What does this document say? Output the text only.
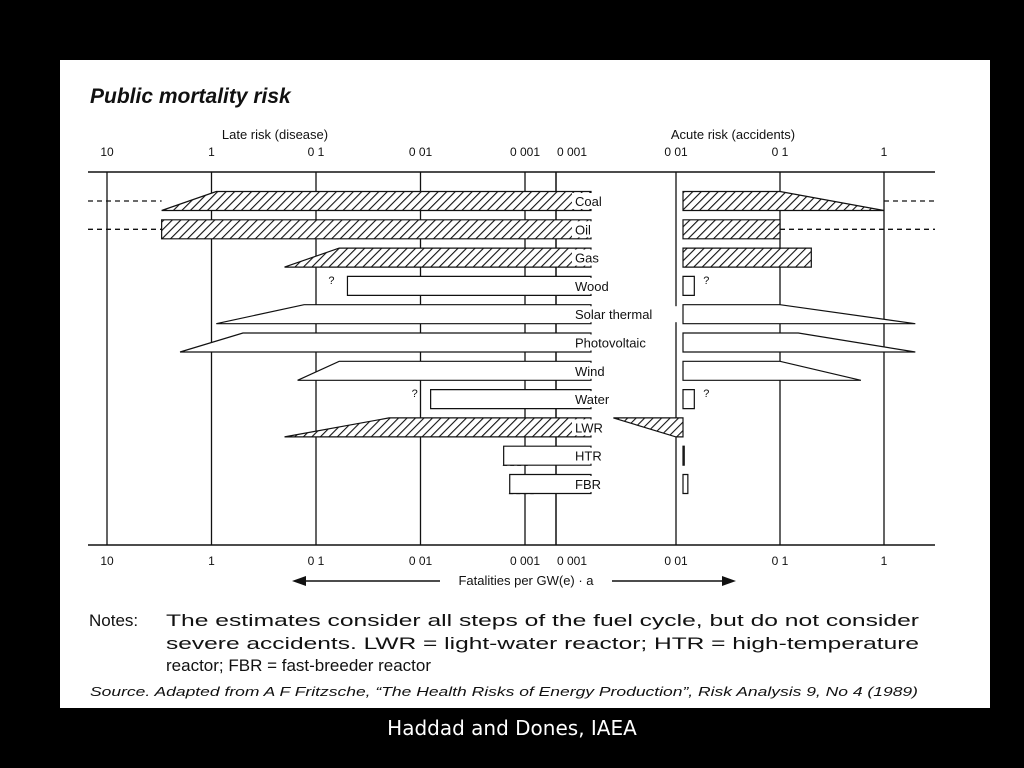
Public mortality risk
Late risk (disease)	Acute risk (accidents)
Coal
Oil
Gas
?	?
Wood
Solar thermal
Photovoltaic
Wind
?	?
Water
LWR
HTR
FBR
10
10
1
1
0 1
0 1
0 01
0 01
0 001
0 001
0 001
0 001
0 01
0 01
0 1
0 1
1
1
Fatalities per GW(e) · a
Notes: The estimates consider all steps of the fuel cycle, but do not consider
severe accidents. LWR = light-water reactor; HTR = high-temperature
reactor; FBR = fast-breeder reactor
Source. Adapted from A F Fritzsche, “The Health Risks of Energy Production”, Risk Analysis 9, No 4 (1989)
Haddad and Dones, IAEA
